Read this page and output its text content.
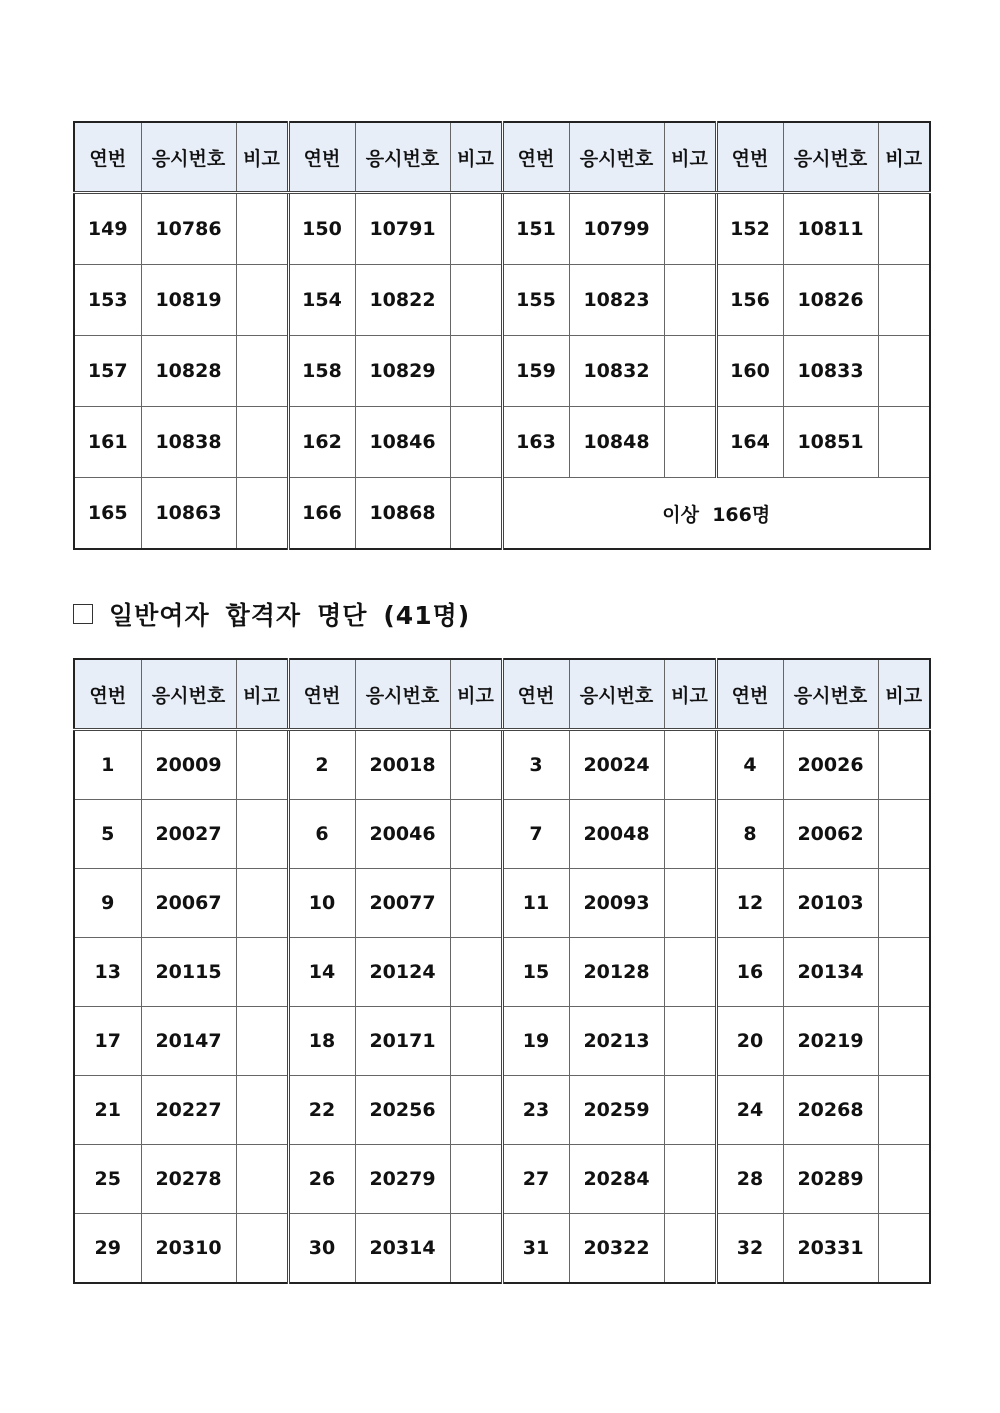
연번	응시번호	비고	연번	응시번호	비고	연번	응시번호	비고	연번	응시번호	비고
149	10786		150	10791		151	10799		152	10811	
153	10819		154	10822		155	10823		156	10826	
157	10828		158	10829		159	10832		160	10833	
161	10838		162	10846		163	10848		164	10851	
165	10863		166	10868		이상  166명					
일반여자 합격자 명단 (41명)
연번	응시번호	비고	연번	응시번호	비고	연번	응시번호	비고	연번	응시번호	비고
1	20009		2	20018		3	20024		4	20026	
5	20027		6	20046		7	20048		8	20062	
9	20067		10	20077		11	20093		12	20103	
13	20115		14	20124		15	20128		16	20134	
17	20147		18	20171		19	20213		20	20219	
21	20227		22	20256		23	20259		24	20268	
25	20278		26	20279		27	20284		28	20289	
29	20310		30	20314		31	20322		32	20331	
